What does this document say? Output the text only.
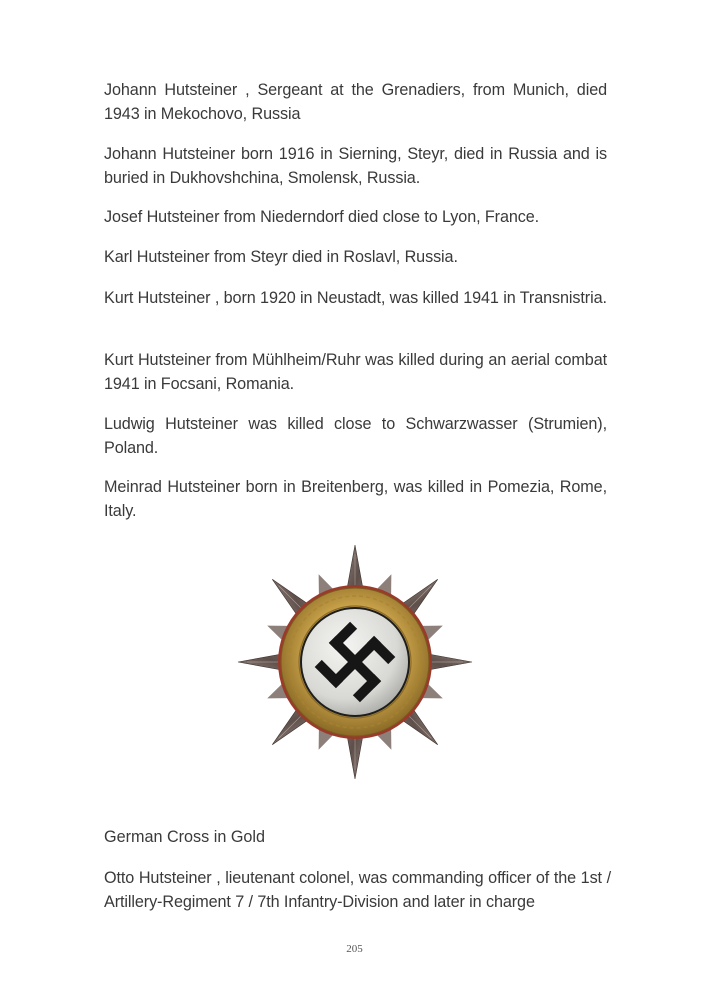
Johann Hutsteiner , Sergeant at the Grenadiers, from Munich, died 1943 in Mekochovo, Russia

Johann Hutsteiner born 1916 in Sierning, Steyr, died in Russia and is buried in Dukhovshchina, Smolensk, Russia.

Josef Hutsteiner from Niederndorf died close to Lyon, France.

Karl Hutsteiner from Steyr died in Roslavl, Russia.

Kurt Hutsteiner , born 1920 in Neustadt, was killed 1941 in Transnistria.

Kurt Hutsteiner from Mühlheim/Ruhr was killed during an aerial combat 1941 in Focsani, Romania.

Ludwig Hutsteiner was killed close to Schwarzwasser (Strumien), Poland.

Meinrad Hutsteiner born in Breitenberg, was killed in Pomezia, Rome, Italy.

German Cross in Gold

Otto Hutsteiner , lieutenant colonel, was commanding officer of the 1st / Artillery-Regiment 7 / 7th Infantry-Division and later in charge

205
